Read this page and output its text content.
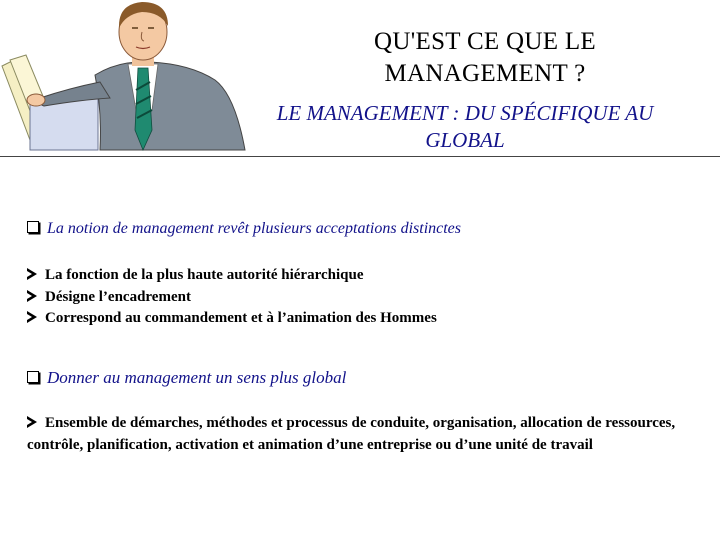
QU'EST CE QUE LE MANAGEMENT ?
LE MANAGEMENT : DU SPÉCIFIQUE AU GLOBAL
La notion de management revêt plusieurs acceptations distinctes
La fonction de la plus haute autorité hiérarchique
Désigne l’encadrement
Correspond au commandement et à l’animation des Hommes
Donner au management un sens plus global
Ensemble de démarches, méthodes et processus de conduite, organisation, allocation de ressources, contrôle, planification, activation et animation d’une entreprise ou d’une unité de travail
